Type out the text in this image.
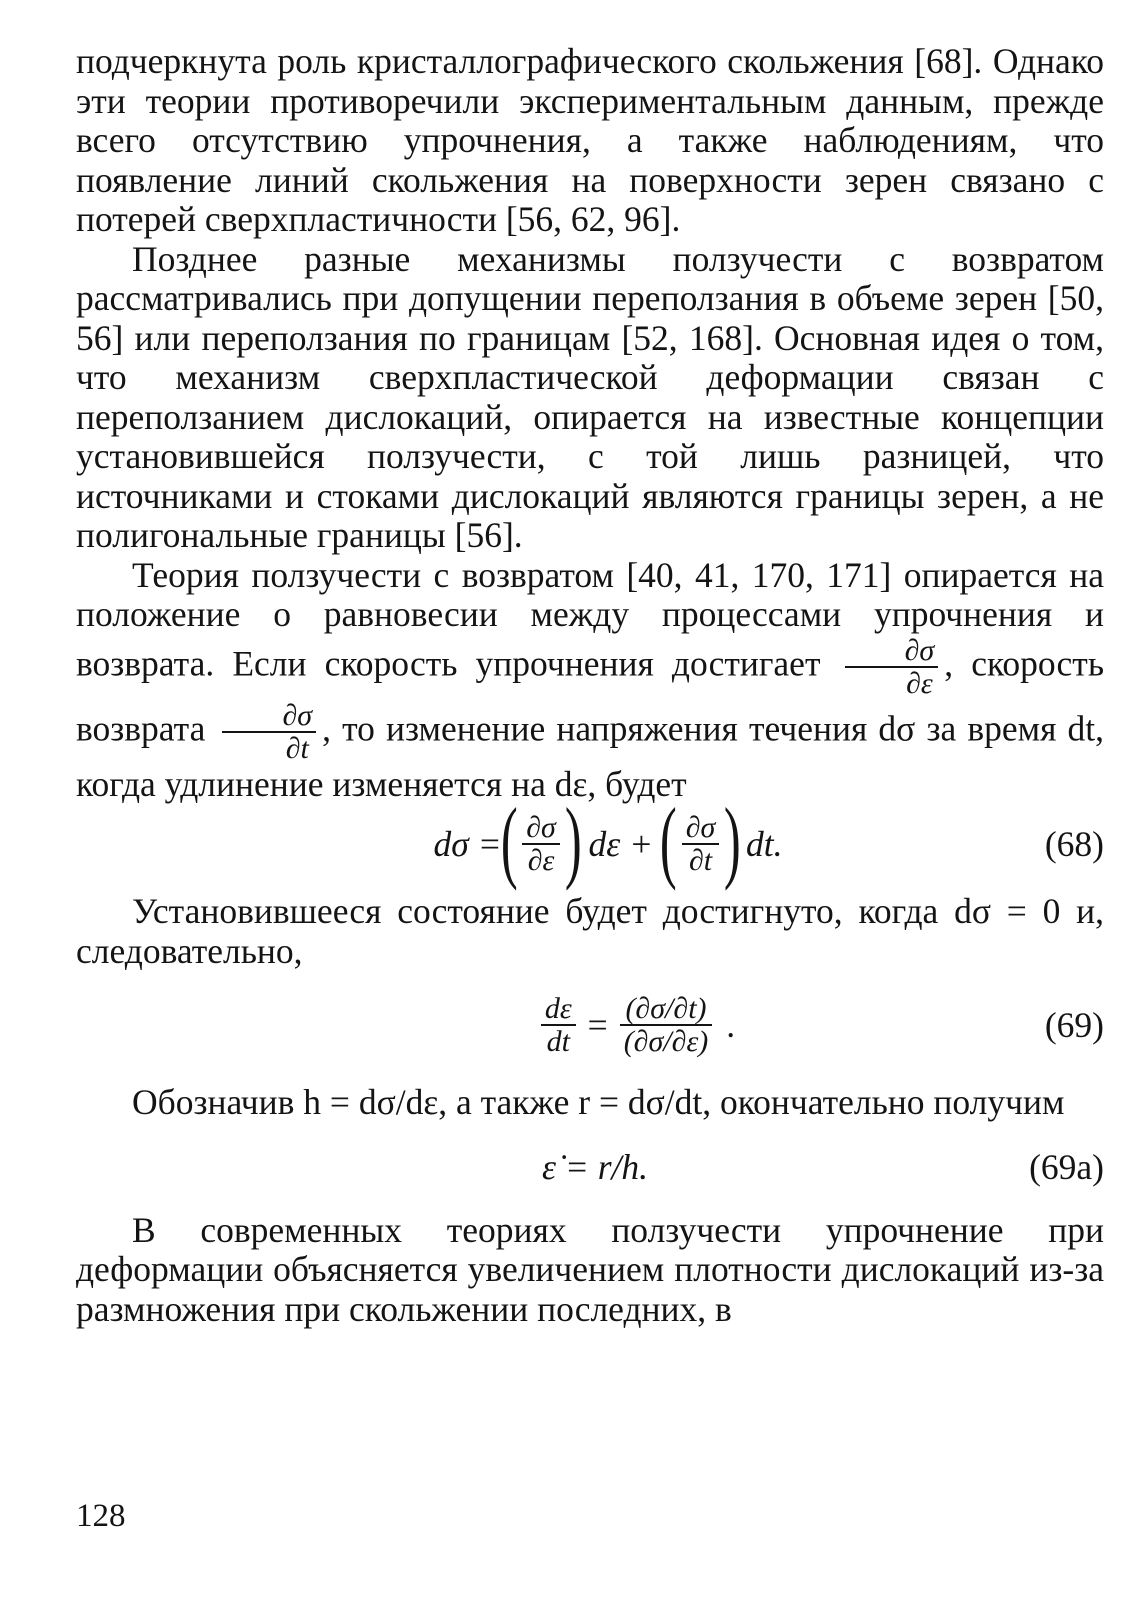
подчеркнута роль кристаллографического скольжения [68]. Однако эти теории противоречили экспериментальным данным, прежде всего отсутствию упрочнения, а также наблюдениям, что появление линий скольжения на поверхности зерен связано с потерей сверхпластичности [56, 62, 96].

Позднее разные механизмы ползучести с возвратом рассматривались при допущении переползания в объеме зерен [50, 56] или переползания по границам [52, 168]. Основная идея о том, что механизм сверхпластической деформации связан с переползанием дислокаций, опирается на известные концепции установившейся ползучести, с той лишь разницей, что источниками и стоками дислокаций являются границы зерен, а не полигональные границы [56].

Теория ползучести с возвратом [40, 41, 170, 171] опирается на положение о равновесии между процессами упрочнения и возврата. Если скорость упрочнения достигает $\frac{\partial\sigma}{\partial\varepsilon}$ , скорость возврата $\frac{\partial\sigma}{\partial t}$ , то изменение напряжения течения dσ за время dt, когда удлинение изменяется на dε, будет

dσ =
( $\frac{\partial\sigma}{\partial\varepsilon}$ ) dε + ( $\frac{\partial\sigma}{\partial t}$ ) dt.	(68)

Установившееся состояние будет достигнуто, когда dσ = 0 и, следовательно,

$\frac{d\varepsilon}{dt} = \frac{(\partial\sigma/\partial t)}{(\partial\sigma/\partial\varepsilon)}$ .	(69)

Обозначив h = dσ/dε, а также r = dσ/dt, окончательно получим

ε̇ = r/h.	(69a)

В современных теориях ползучести упрочнение при деформации объясняется увеличением плотности дислокаций из-за размножения при скольжении последних, в

128
